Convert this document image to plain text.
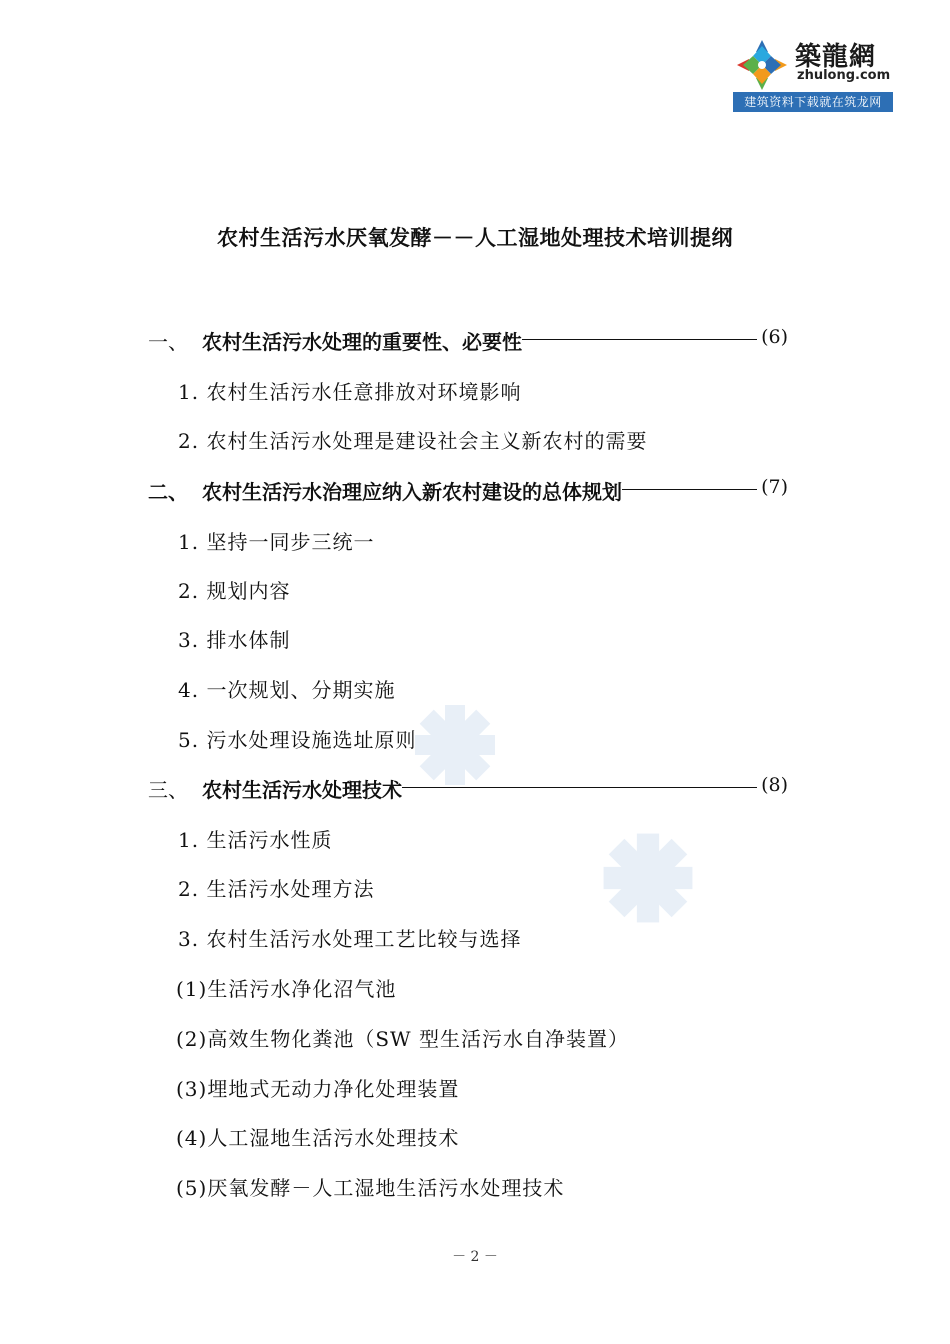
築龍網
zhulong.com
建筑资料下载就在筑龙网
农村生活污水厌氧发酵－－人工湿地处理技术培训提纲
一、 农村生活污水处理的重要性、必要性	(6)
1. 农村生活污水任意排放对环境影响
2. 农村生活污水处理是建设社会主义新农村的需要
二、 农村生活污水治理应纳入新农村建设的总体规划	(7)
1. 坚持一同步三统一
2. 规划内容
3. 排水体制
4. 一次规划、分期实施
5. 污水处理设施选址原则
三、 农村生活污水处理技术	(8)
1. 生活污水性质
2. 生活污水处理方法
3. 农村生活污水处理工艺比较与选择
(1)生活污水净化沼气池
(2)高效生物化粪池（SW 型生活污水自净装置）
(3)埋地式无动力净化处理装置
(4)人工湿地生活污水处理技术
(5)厌氧发酵－人工湿地生活污水处理技术
－ 2 －
